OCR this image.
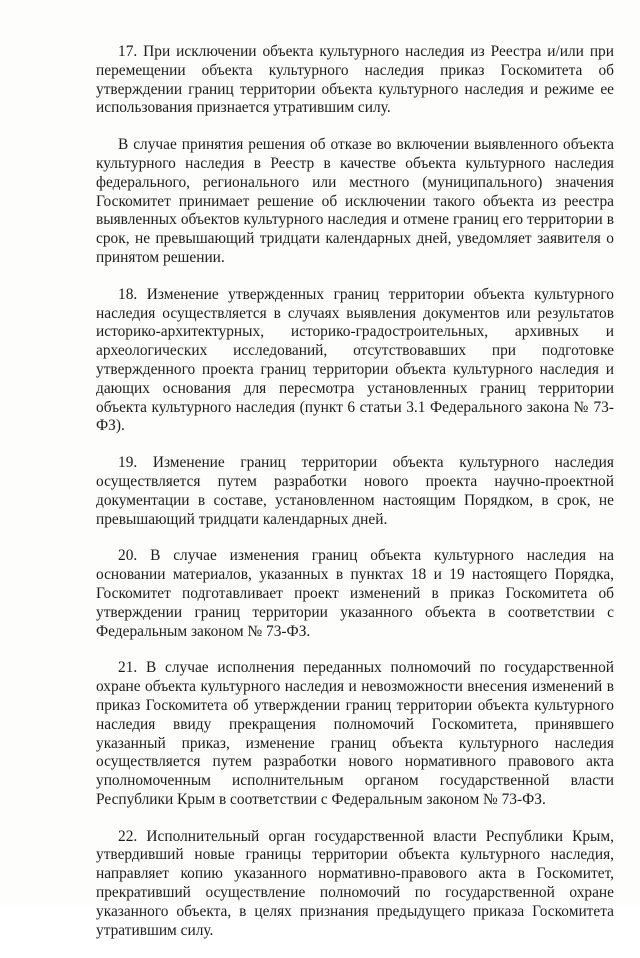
17. При исключении объекта культурного наследия из Реестра и/или при перемещении объекта культурного наследия приказ Госкомитета об утверждении границ территории объекта культурного наследия и режиме ее использования признается утратившим силу.

В случае принятия решения об отказе во включении выявленного объекта культурного наследия в Реестр в качестве объекта культурного наследия федерального, регионального или местного (муниципального) значения Госкомитет принимает решение об исключении такого объекта из реестра выявленных объектов культурного наследия и отмене границ его территории в срок, не превышающий тридцати календарных дней, уведомляет заявителя о принятом решении.

18. Изменение утвержденных границ территории объекта культурного наследия осуществляется в случаях выявления документов или результатов историко-архитектурных, историко-градостроительных, архивных и археологических исследований, отсутствовавших при подготовке утвержденного проекта границ территории объекта культурного наследия и дающих основания для пересмотра установленных границ территории объекта культурного наследия (пункт 6 статьи 3.1 Федерального закона № 73-ФЗ).

19. Изменение границ территории объекта культурного наследия осуществляется путем разработки нового проекта научно-проектной документации в составе, установленном настоящим Порядком, в срок, не превышающий тридцати календарных дней.

20. В случае изменения границ объекта культурного наследия на основании материалов, указанных в пунктах 18 и 19 настоящего Порядка, Госкомитет подготавливает проект изменений в приказ Госкомитета об утверждении границ территории указанного объекта в соответствии с Федеральным законом № 73-ФЗ.

21. В случае исполнения переданных полномочий по государственной охране объекта культурного наследия и невозможности внесения изменений в приказ Госкомитета об утверждении границ территории объекта культурного наследия ввиду прекращения полномочий Госкомитета, принявшего указанный приказ, изменение границ объекта культурного наследия осуществляется путем разработки нового нормативного правового акта уполномоченным исполнительным органом государственной власти Республики Крым в соответствии с Федеральным законом № 73-ФЗ.

22. Исполнительный орган государственной власти Республики Крым, утвердивший новые границы территории объекта культурного наследия, направляет копию указанного нормативно-правового акта в Госкомитет, прекративший осуществление полномочий по государственной охране указанного объекта, в целях признания предыдущего приказа Госкомитета утратившим силу.
